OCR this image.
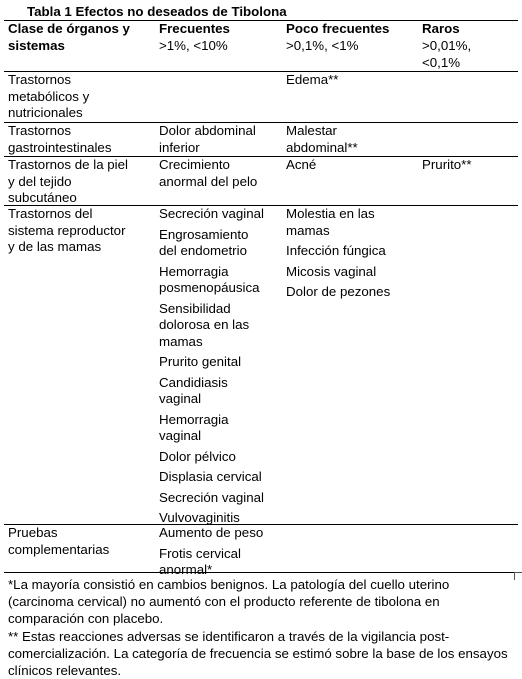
Tabla 1 Efectos no deseados de Tibolona
Clase de órganos y
sistemas
Frecuentes
>1%, <10%
Poco frecuentes
>0,1%, <1%
Raros
>0,01%,
<0,1%
Trastornos
metabólicos y
nutricionales
Edema**
Trastornos
gastrointestinales
Dolor abdominal
inferior
Malestar
abdominal**
Trastornos de la piel
y del tejido
subcutáneo
Crecimiento
anormal del pelo
Acné	Prurito**
Trastornos del
sistema reproductor
y de las mamas
Secreción vaginal
Engrosamiento
del endometrio
Hemorragia
posmenopáusica
Sensibilidad
dolorosa en las
mamas
Prurito genital
Candidiasis
vaginal
Hemorragia
vaginal
Dolor pélvico
Displasia cervical
Secreción vaginal
Vulvovaginitis
Molestia en las
mamas
Infección fúngica
Micosis vaginal
Dolor de pezones
Pruebas
complementarias
Aumento de peso
Frotis cervical
anormal*
*La mayoría consistió en cambios benignos. La patología del cuello uterino (carcinoma cervical) no aumentó con el producto referente de tibolona en comparación con placebo.
** Estas reacciones adversas se identificaron a través de la vigilancia post-comercialización. La categoría de frecuencia se estimó sobre la base de los ensayos clínicos relevantes.
